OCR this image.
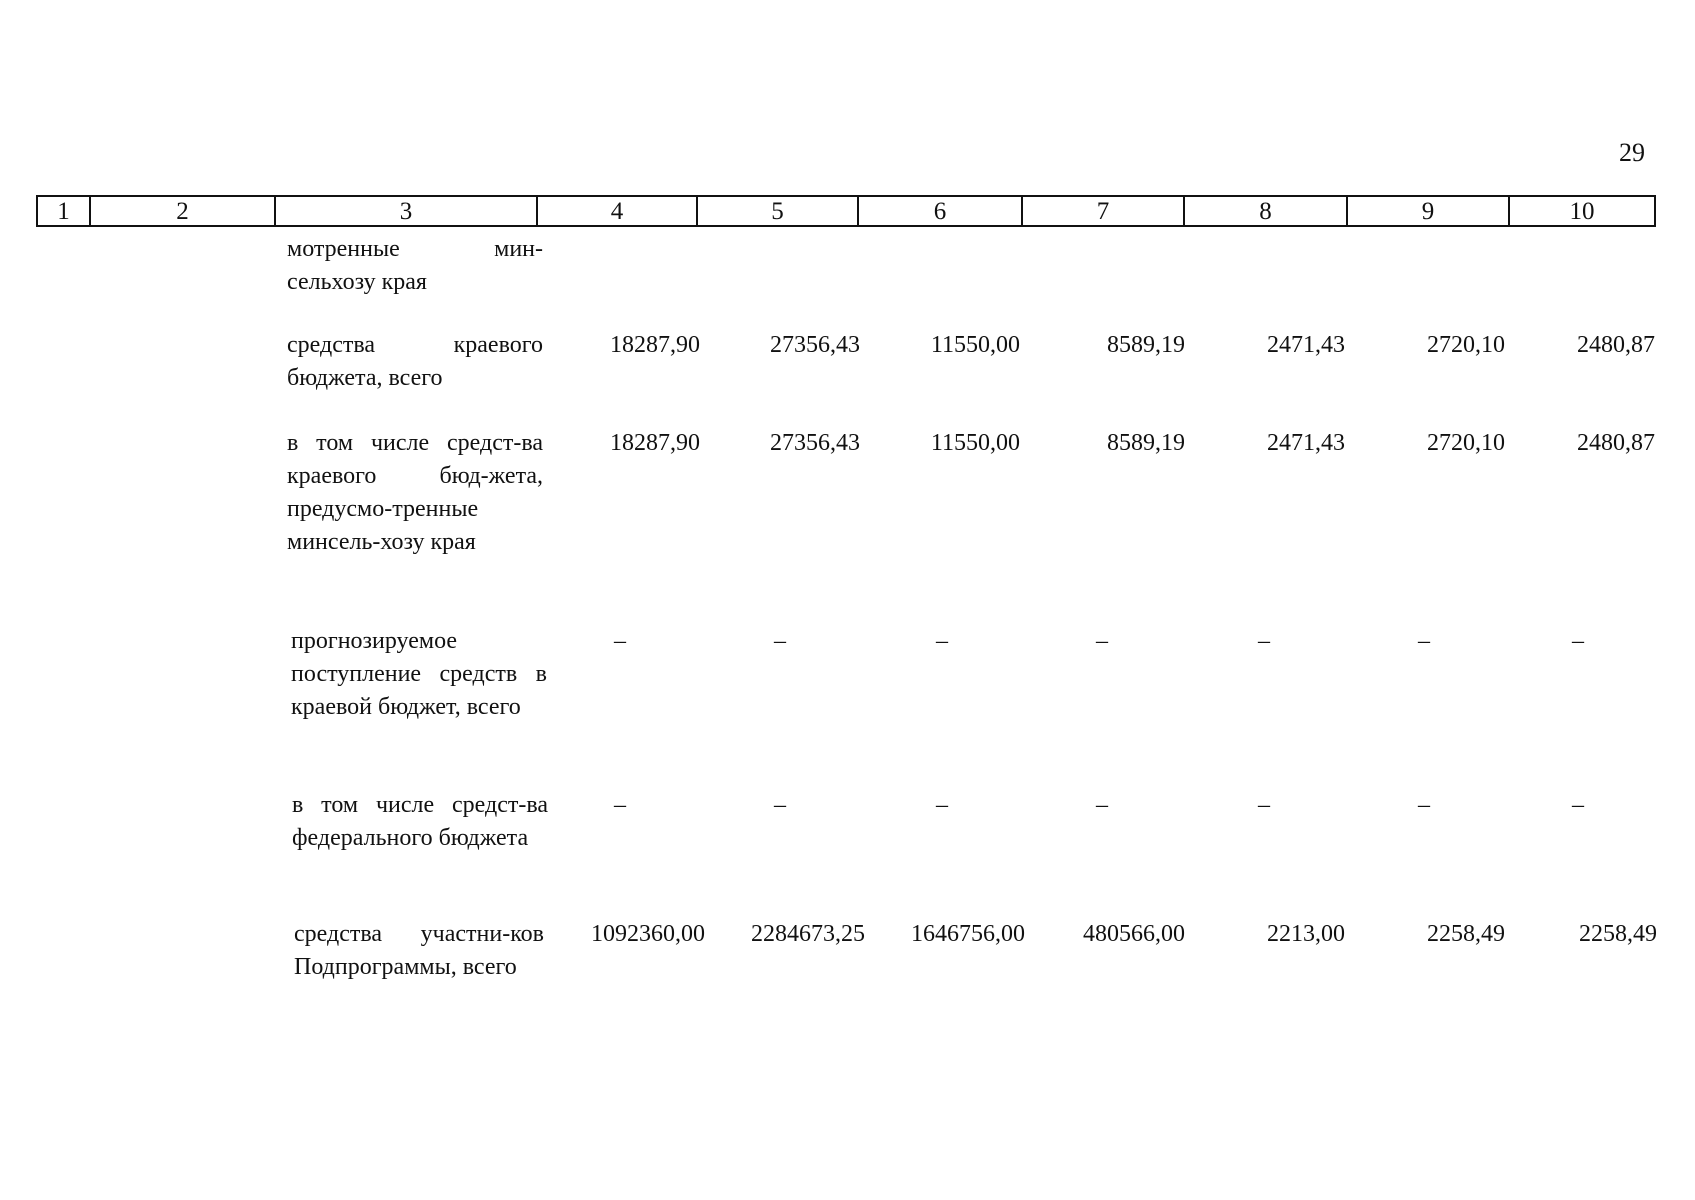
29
1	2	3	4	5	6	7	8	9	10
мотренные мин-сельхозу края
средства краевого бюджета, всего
18287,90	27356,43	11550,00	8589,19	2471,43	2720,10	2480,87
в том числе средст-ва краевого бюд-жета, предусмо-тренные минсель-хозу края
18287,90	27356,43	11550,00	8589,19	2471,43	2720,10	2480,87
прогнозируемое поступление средств в краевой бюджет, всего
–	–	–	–	–	–	–
в том числе средст-ва федерального бюджета
–	–	–	–	–	–	–
средства участни-ков Подпрограммы, всего
1092360,00	2284673,25	1646756,00	480566,00	2213,00	2258,49	2258,49
